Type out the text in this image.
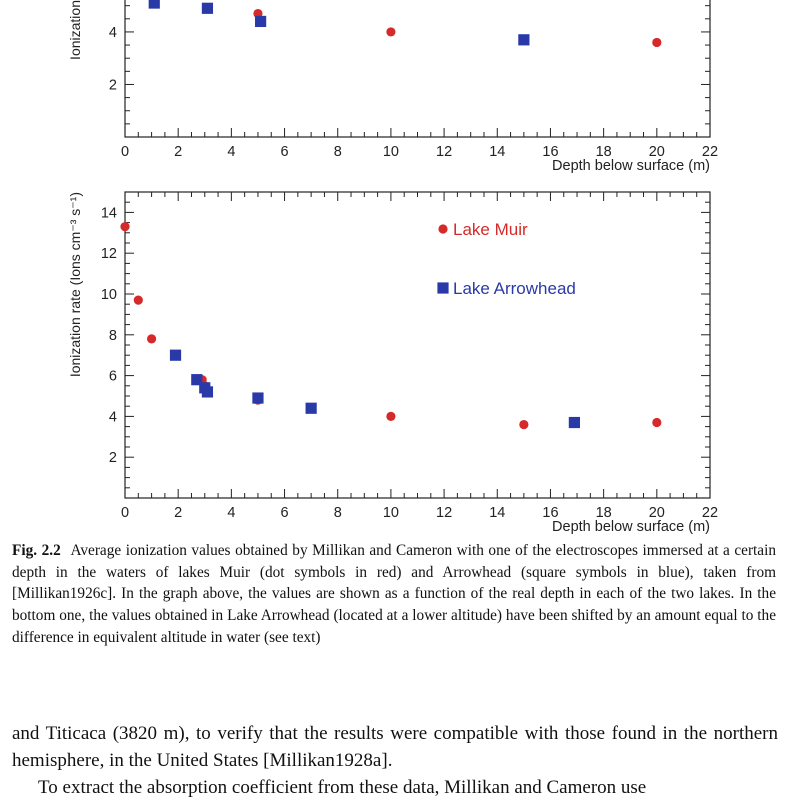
0	2	4	6	8	10	12	14	16	18	20	22
2
4
Depth below surface (m)
Ionization
0	2	4	6	8	10	12	14	16	18	20	22
2
4
6
8
10
12
14
Depth below surface (m)
Ionization rate (Ions cm⁻³ s⁻¹)	Lake Muir
Lake Arrowhead
Fig. 2.2 Average ionization values obtained by Millikan and Cameron with one of the electroscopes immersed at a certain depth in the waters of lakes Muir (dot symbols in red) and Arrowhead (square symbols in blue), taken from [Millikan1926c]. In the graph above, the values are shown as a function of the real depth in each of the two lakes. In the bottom one, the values obtained in Lake Arrowhead (located at a lower altitude) have been shifted by an amount equal to the difference in equivalent altitude in water (see text)

and Titicaca (3820 m), to verify that the results were compatible with those found in the northern hemisphere, in the United States [Millikan1928a].

To extract the absorption coefficient from these data, Millikan and Cameron use
